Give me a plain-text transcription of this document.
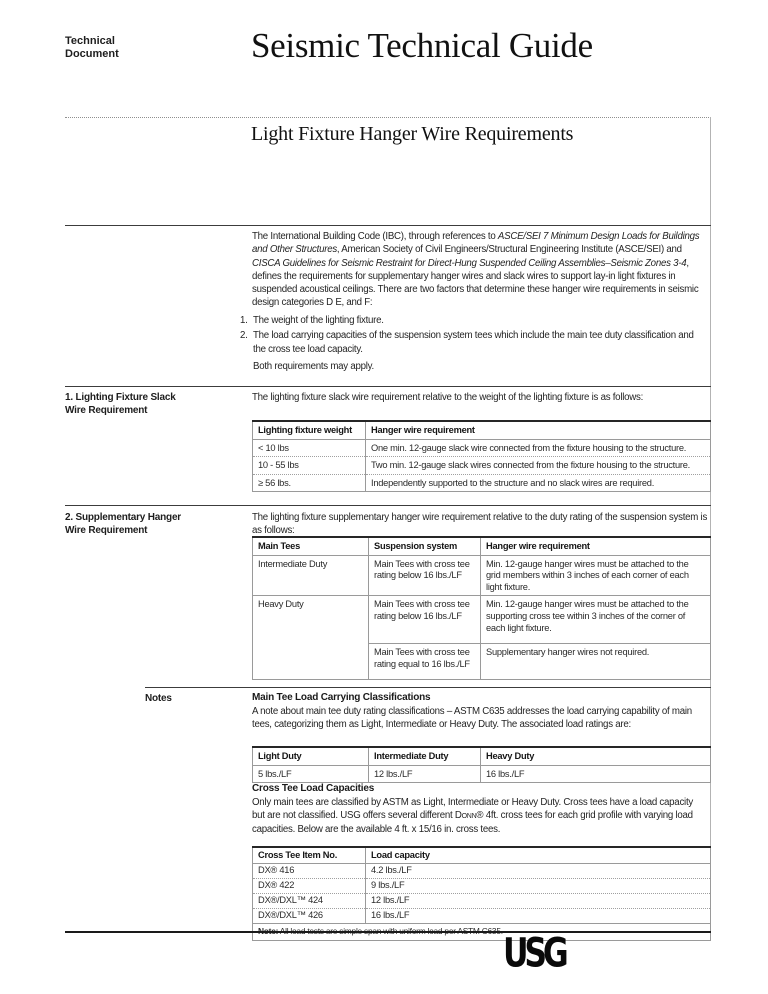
Technical Document	Seismic Technical Guide
Light Fixture Hanger Wire Requirements
The International Building Code (IBC), through references to ASCE/SEI 7 Minimum Design Loads for Buildings and Other Structures, American Society of Civil Engineers/Structural Engineering Institute (ASCE/SEI) and CISCA Guidelines for Seismic Restraint for Direct-Hung Suspended Ceiling Assemblies–Seismic Zones 3-4, defines the requirements for supplementary hanger wires and slack wires to support lay-in light fixtures in suspended acoustical ceilings. There are two factors that determine these hanger wire requirements in seismic design categories D E, and F:
1. The weight of the lighting fixture.
2. The load carrying capacities of the suspension system tees which include the main tee duty classification and the cross tee load capacity.
Both requirements may apply.
1. Lighting Fixture Slack Wire Requirement
The lighting fixture slack wire requirement relative to the weight of the lighting fixture is as follows:
Lighting fixture weight	Hanger wire requirement
< 10 lbs	One min. 12-gauge slack wire connected from the fixture housing to the structure.
10 - 55 lbs	Two min. 12-gauge slack wires connected from the fixture housing to the structure.
≥ 56 lbs.	Independently supported to the structure and no slack wires are required.
2. Supplementary Hanger Wire Requirement
The lighting fixture supplementary hanger wire requirement relative to the duty rating of the suspension system is as follows:
Main Tees	Suspension system	Hanger wire requirement
Intermediate Duty	Main Tees with cross tee rating below 16 lbs./LF	Min. 12-gauge hanger wires must be attached to the grid members within 3 inches of each corner of each light fixture.
Heavy Duty	Main Tees with cross tee rating below 16 lbs./LF	Min. 12-gauge hanger wires must be attached to the supporting cross tee within 3 inches of the corner of each light fixture.
	Main Tees with cross tee rating equal to 16 lbs./LF	Supplementary hanger wires not required.
Notes	Main Tee Load Carrying Classifications
A note about main tee duty rating classifications – ASTM C635 addresses the load carrying capability of main tees, categorizing them as Light, Intermediate or Heavy Duty. The associated load ratings are:
Light Duty	Intermediate Duty	Heavy Duty
5 lbs./LF	12 lbs./LF	16 lbs./LF
Cross Tee Load Capacities
Only main tees are classified by ASTM as Light, Intermediate or Heavy Duty. Cross tees have a load capacity but are not classified. USG offers several different Donn® 4ft. cross tees for each grid profile with varying load capacities. Below are the available 4 ft. x 15/16 in. cross tees.
Cross Tee Item No.	Load capacity
DX® 416	4.2 lbs./LF
DX® 422	9 lbs./LF
DX®/DXL™ 424	12 lbs./LF
DX®/DXL™ 426	16 lbs./LF
Note: All load tests are simple span with uniform load per ASTM C635.	USG
